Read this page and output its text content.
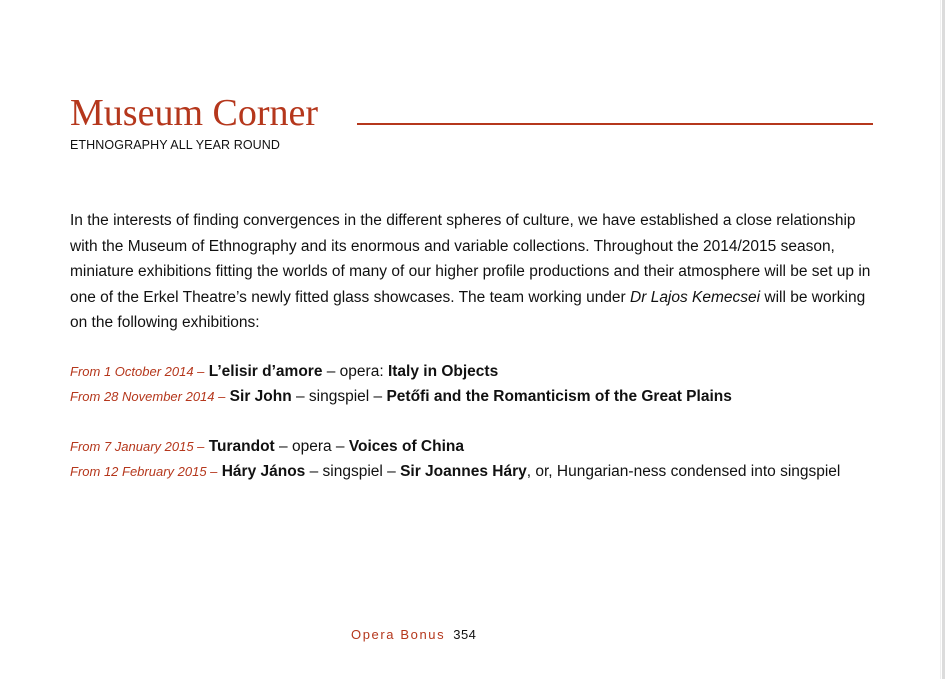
Museum Corner
ETHNOGRAPHY ALL YEAR ROUND

In the interests of finding convergences in the different spheres of culture, we have established a close relationship with the Museum of Ethnography and its enormous and variable collections. Throughout the 2014/2015 season, miniature exhibitions fitting the worlds of many of our higher profile productions and their atmosphere will be set up in one of the Erkel Theatre’s newly fitted glass showcases. The team working under Dr Lajos Kemecsei will be working on the following exhibitions:

From 1 October 2014 – L’elisir d’amore – opera: Italy in Objects
From 28 November 2014 – Sir John – singspiel – Petőfi and the Romanticism of the Great Plains
From 7 January 2015 – Turandot – opera – Voices of China
From 12 February 2015 – Háry János – singspiel – Sir Joannes Háry, or, Hungarian-ness condensed into singspiel
Opera Bonus 354
